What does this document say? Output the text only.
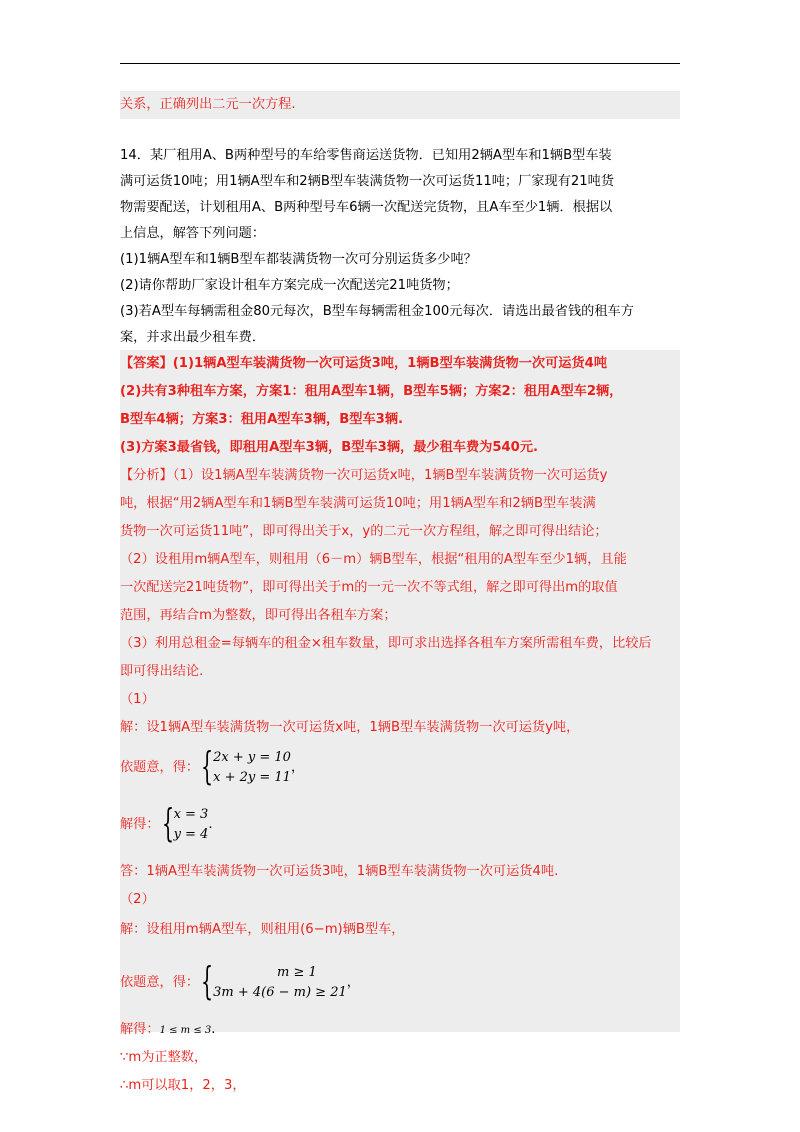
关系，正确列出二元一次方程.
14．某厂租用A、B两种型号的车给零售商运送货物．已知用2辆A型车和1辆B型车装
满可运货10吨；用1辆A型车和2辆B型车装满货物一次可运货11吨；厂家现有21吨货
物需要配送，计划租用A、B两种型号车6辆一次配送完货物，且A车至少1辆．根据以
上信息，解答下列问题：
(1)1辆A型车和1辆B型车都装满货物一次可分别运货多少吨？
(2)请你帮助厂家设计租车方案完成一次配送完21吨货物；
(3)若A型车每辆需租金80元每次，B型车每辆需租金100元每次．请选出最省钱的租车方
案，并求出最少租车费．
【答案】(1)1辆A型车装满货物一次可运货3吨，1辆B型车装满货物一次可运货4吨
(2)共有3种租车方案，方案1：租用A型车1辆，B型车5辆；方案2：租用A型车2辆，
B型车4辆；方案3：租用A型车3辆，B型车3辆.
(3)方案3最省钱，即租用A型车3辆，B型车3辆，最少租车费为540元.
【分析】（1）设1辆A型车装满货物一次可运货x吨，1辆B型车装满货物一次可运货y
吨，根据“用2辆A型车和1辆B型车装满可运货10吨；用1辆A型车和2辆B型车装满
货物一次可运货11吨”，即可得出关于x，y的二元一次方程组，解之即可得出结论；
（2）设租用m辆A型车，则租用（6－m）辆B型车，根据“租用的A型车至少1辆，且能
一次配送完21吨货物”，即可得出关于m的一元一次不等式组，解之即可得出m的取值
范围，再结合m为整数，即可得出各租车方案；
（3）利用总租金=每辆车的租金×租车数量，即可求出选择各租车方案所需租车费，比较后
即可得出结论.
（1）
解：设1辆A型车装满货物一次可运货x吨，1辆B型车装满货物一次可运货y吨，
依题意，得： { 2x + y = 10
x + 2y = 11
，
解得： { x = 3
y = 4
.
答：1辆A型车装满货物一次可运货3吨，1辆B型车装满货物一次可运货4吨.
（2）
解：设租用m辆A型车，则租用(6−m)辆B型车，
依题意，得： {	m ≥ 1
3m + 4(6 − m) ≥ 21
，
解得：1 ≤ m ≤ 3.
∵m为正整数，
∴m可以取1，2，3，
